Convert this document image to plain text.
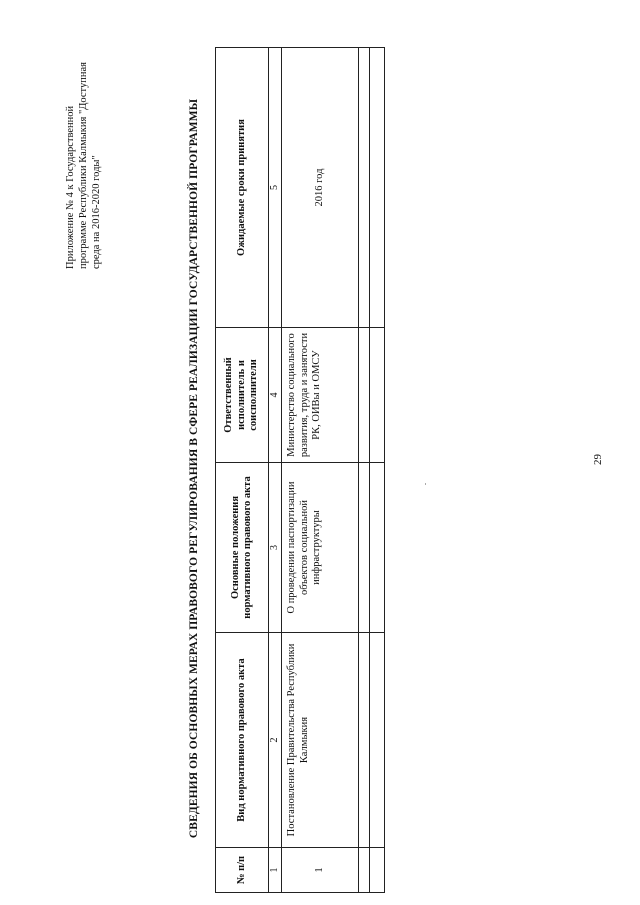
Приложение № 4 к Государственной программе Республики Калмыкия "Доступная среда на 2016-2020 годы"	СВЕДЕНИЯ ОБ ОСНОВНЫХ МЕРАХ ПРАВОВОГО РЕГУЛИРОВАНИЯ В СФЕРЕ РЕАЛИЗАЦИИ ГОСУДАРСТВЕННОЙ ПРОГРАММЫ
№ п/п	Вид нормативного правового акта	Основные положения нормативного правового акта	Ответственный исполнитель и соисполнители	Ожидаемые сроки принятия
1	2	3	4	5
1	Постановление Правительства Республики Калмыкия	О проведении паспортизации объектов социальной инфраструктуры	Министерство социального развития, труда и занятости РК, ОИВы и ОМСУ	2016 год

29
